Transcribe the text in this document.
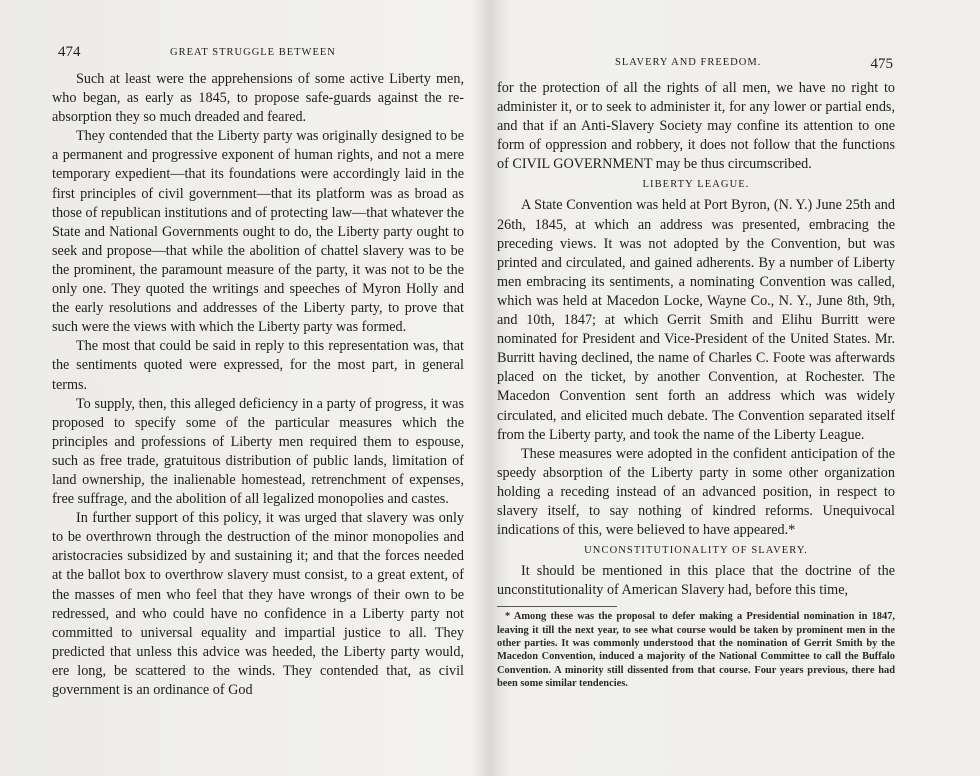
474	GREAT STRUGGLE BETWEEN

Such at least were the apprehensions of some active Liberty men, who began, as early as 1845, to propose safe-guards against the re-absorption they so much dreaded and feared.

They contended that the Liberty party was originally designed to be a permanent and progressive exponent of human rights, and not a mere temporary expedient—that its foundations were accordingly laid in the first principles of civil government—that its platform was as broad as those of republican institutions and of protecting law—that whatever the State and National Governments ought to do, the Liberty party ought to seek and propose—that while the abolition of chattel slavery was to be the prominent, the paramount measure of the party, it was not to be the only one. They quoted the writings and speeches of Myron Holly and the early resolutions and addresses of the Liberty party, to prove that such were the views with which the Liberty party was formed.

The most that could be said in reply to this representation was, that the sentiments quoted were expressed, for the most part, in general terms.

To supply, then, this alleged deficiency in a party of progress, it was proposed to specify some of the particular measures which the principles and professions of Liberty men required them to espouse, such as free trade, gratuitous distribution of public lands, limitation of land ownership, the inalienable homestead, retrenchment of expenses, free suffrage, and the abolition of all legalized monopolies and castes.

In further support of this policy, it was urged that slavery was only to be overthrown through the destruction of the minor monopolies and aristocracies subsidized by and sustaining it; and that the forces needed at the ballot box to overthrow slavery must consist, to a great extent, of the masses of men who feel that they have wrongs of their own to be redressed, and who could have no confidence in a Liberty party not committed to universal equality and impartial justice to all. They predicted that unless this advice was heeded, the Liberty party would, ere long, be scattered to the winds. They contended that, as civil government is an ordinance of God

SLAVERY AND FREEDOM.	475

for the protection of all the rights of all men, we have no right to administer it, or to seek to administer it, for any lower or partial ends, and that if an Anti-Slavery Society may confine its attention to one form of oppression and robbery, it does not follow that the functions of CIVIL GOVERNMENT may be thus circumscribed.

LIBERTY LEAGUE.

A State Convention was held at Port Byron, (N. Y.) June 25th and 26th, 1845, at which an address was presented, embracing the preceding views. It was not adopted by the Convention, but was printed and circulated, and gained adherents. By a number of Liberty men embracing its sentiments, a nominating Convention was called, which was held at Macedon Locke, Wayne Co., N. Y., June 8th, 9th, and 10th, 1847; at which Gerrit Smith and Elihu Burritt were nominated for President and Vice-President of the United States. Mr. Burritt having declined, the name of Charles C. Foote was afterwards placed on the ticket, by another Convention, at Rochester. The Macedon Convention sent forth an address which was widely circulated, and elicited much debate. The Convention separated itself from the Liberty party, and took the name of the Liberty League.

These measures were adopted in the confident anticipation of the speedy absorption of the Liberty party in some other organization holding a receding instead of an advanced position, in respect to slavery itself, to say nothing of kindred reforms. Unequivocal indications of this, were believed to have appeared.*

UNCONSTITUTIONALITY OF SLAVERY.

It should be mentioned in this place that the doctrine of the unconstitutionality of American Slavery had, before this time,

* Among these was the proposal to defer making a Presidential nomination in 1847, leaving it till the next year, to see what course would be taken by prominent men in the other parties. It was commonly understood that the nomination of Gerrit Smith by the Macedon Convention, induced a majority of the National Committee to call the Buffalo Convention. A minority still dissented from that course. Four years previous, there had been some similar tendencies.
